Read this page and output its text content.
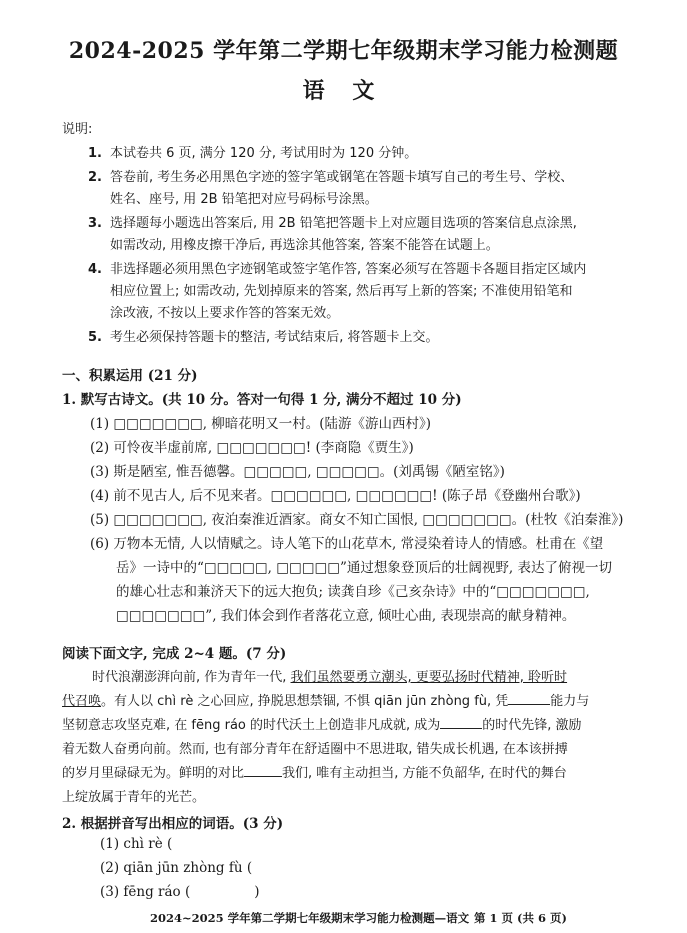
2024-2025 学年第二学期七年级期末学习能力检测题
语 文
说明:
1. 本试卷共 6 页, 满分 120 分, 考试用时为 120 分钟。
2. 答卷前, 考生务必用黑色字迹的签字笔或钢笔在答题卡填写自己的考生号、学校、
姓名、座号, 用 2B 铅笔把对应号码标号涂黑。
3. 选择题每小题选出答案后, 用 2B 铅笔把答题卡上对应题目选项的答案信息点涂黑,
如需改动, 用橡皮擦干净后, 再选涂其他答案, 答案不能答在试题上。
4. 非选择题必须用黑色字迹钢笔或签字笔作答, 答案必须写在答题卡各题目指定区域内
相应位置上; 如需改动, 先划掉原来的答案, 然后再写上新的答案; 不准使用铅笔和
涂改液, 不按以上要求作答的答案无效。
5. 考生必须保持答题卡的整洁, 考试结束后, 将答题卡上交。
一、积累运用 (21 分)
1. 默写古诗文。(共 10 分。答对一句得 1 分, 满分不超过 10 分)
(1) □□□□□□□, 柳暗花明又一村。(陆游《游山西村》)
(2) 可怜夜半虚前席, □□□□□□□! (李商隐《贾生》)
(3) 斯是陋室, 惟吾德馨。□□□□□, □□□□□。(刘禹锡《陋室铭》)
(4) 前不见古人, 后不见来者。□□□□□□, □□□□□□! (陈子昂《登幽州台歌》)
(5) □□□□□□□, 夜泊秦淮近酒家。商女不知亡国恨, □□□□□□□。(杜牧《泊秦淮》)
(6) 万物本无情, 人以情赋之。诗人笔下的山花草木, 常浸染着诗人的情感。杜甫在《望
岳》一诗中的“□□□□□, □□□□□”通过想象登顶后的壮阔视野, 表达了俯视一切
的雄心壮志和兼济天下的远大抱负; 读龚自珍《己亥杂诗》中的“□□□□□□□,
□□□□□□□”, 我们体会到作者落花立意, 倾吐心曲, 表现崇高的献身精神。
阅读下面文字, 完成 2~4 题。(7 分)
时代浪潮澎湃向前, 作为青年一代, 我们虽然要勇立潮头, 更要弘扬时代精神, 聆听时
代召唤。有人以 chì rè 之心回应, 挣脱思想禁锢, 不惧 qiān jūn zhòng fù, 凭	能力与
坚韧意志攻坚克难, 在 fēng ráo 的时代沃土上创造非凡成就, 成为	的时代先锋, 激励
着无数人奋勇向前。然而, 也有部分青年在舒适圈中不思进取, 错失成长机遇, 在本该拼搏
的岁月里碌碌无为。鲜明的对比	我们, 唯有主动担当, 方能不负韶华, 在时代的舞台
上绽放属于青年的光芒。
2. 根据拼音写出相应的词语。(3 分)
(1) chì rè (
(2) qiān jūn zhòng fù (
(3) fēng ráo (	)
2024~2025 学年第二学期七年级期末学习能力检测题—语文 第 1 页 (共 6 页)
